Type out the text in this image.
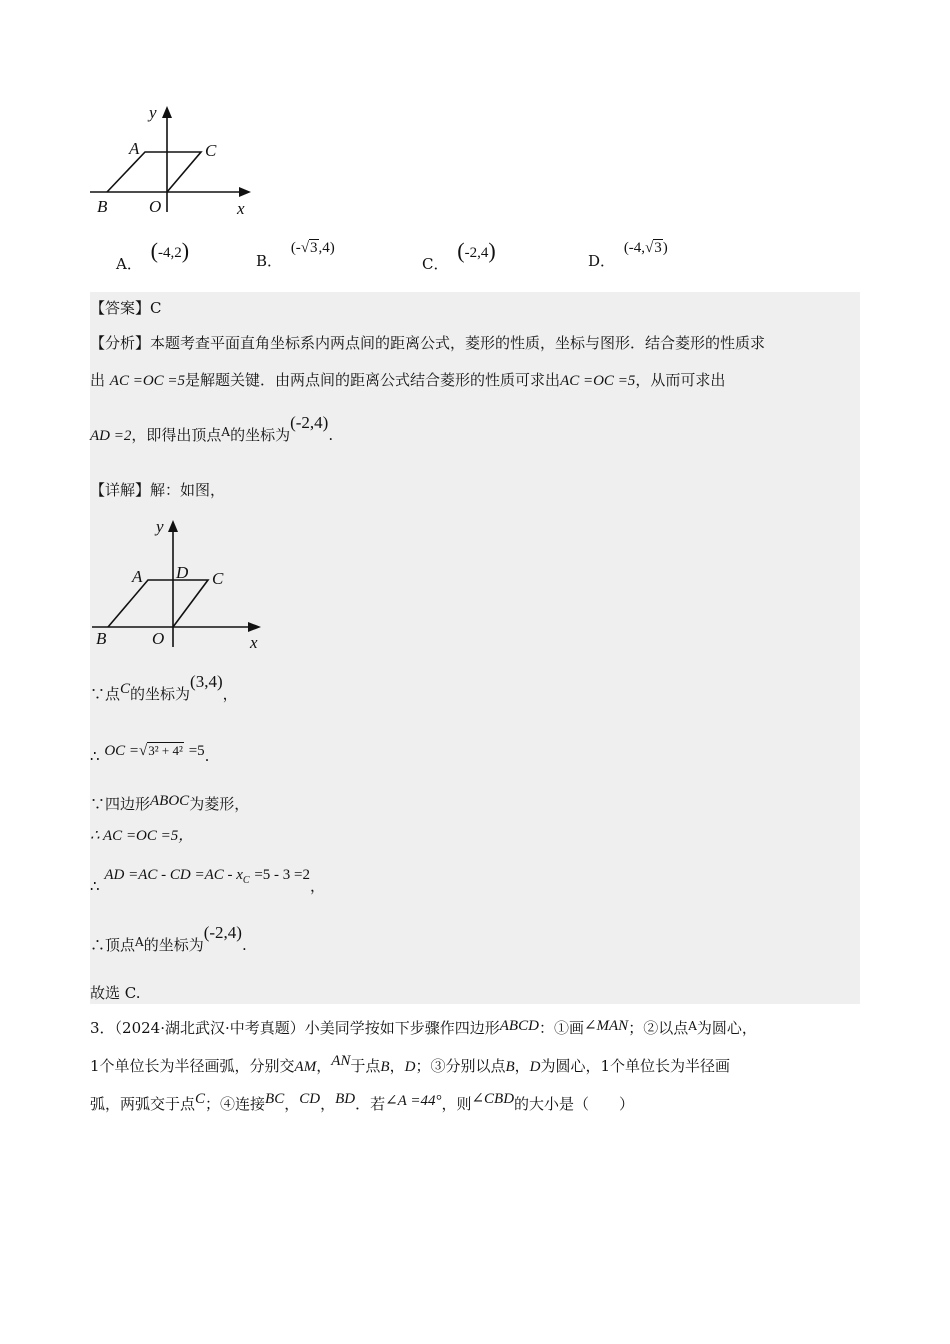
y
A	C
B O	x
A． (-4,2)	B． (-√3,4)
C． (-2,4)	D． (-4,√3)
【答案】C
【分析】本题考查平面直角坐标系内两点间的距离公式，菱形的性质，坐标与图形．结合菱形的性质求
出 AC =OC =5是解题关键．由两点间的距离公式结合菱形的性质可求出AC =OC =5，从而可求出
AD =2，即得出顶点$^A$的坐标为(-2,4).
【详解】解：如图，
y
A D C
B	O	x
∵点C的坐标为(3,4)，
∴ OC =√3² + 4² =5.
∵四边形ABOC为菱形，
∴ AC =OC =5，
∴ AD =AC - CD $=AC - x_C =5 - 3 =2$，
∴顶点$^A$的坐标为(-2,4).
故选 C.
3．（2024·湖北武汉·中考真题）小美同学按如下步骤作四边形ABCD：①画∠MAN；②以点$^A$为圆心，
1个单位长为半径画弧，分别交AM，AN于点B，D；③分别以点B，D为圆心，1个单位长为半径画
弧，两弧交于点C；④连接BC，CD，BD．若∠A =44°，则∠CBD的大小是（　　）
